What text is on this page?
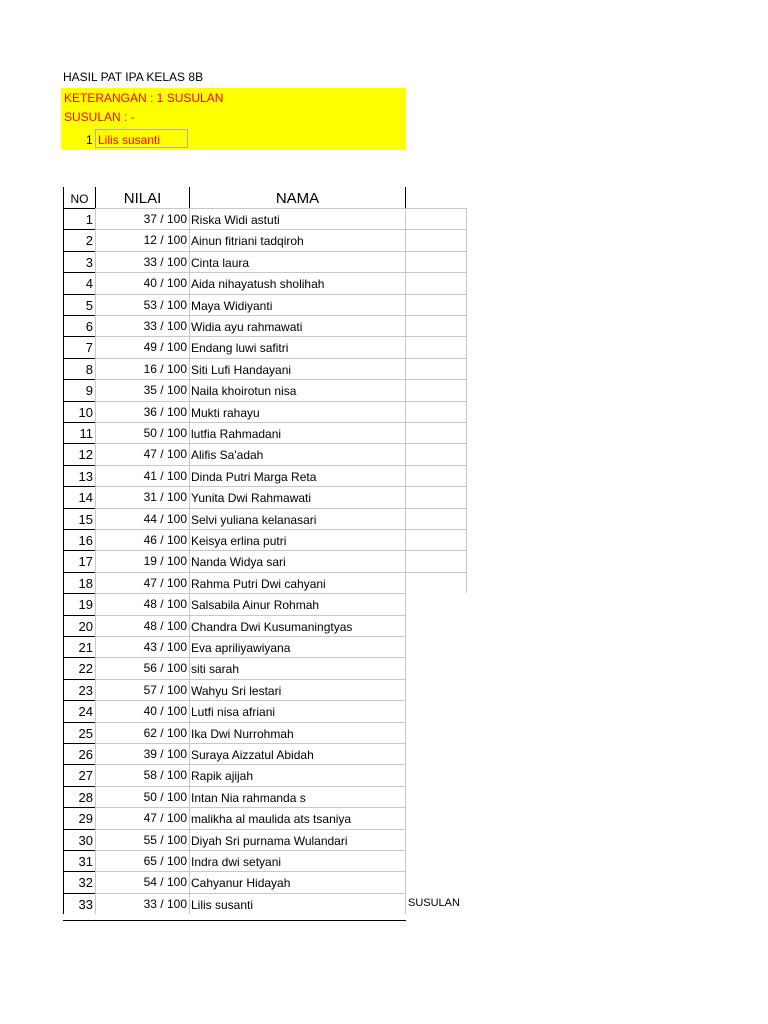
HASIL PAT IPA KELAS 8B
KETERANGAN : 1 SUSULAN
SUSULAN : -
1 Lilis susanti
NO	NILAI	NAMA
1	37 / 100 Riska Widi astuti
2	12 / 100 Ainun fitriani tadqiroh
3	33 / 100 Cinta laura
4	40 / 100 Aida nihayatush sholihah
5	53 / 100 Maya Widiyanti
6	33 / 100 Widia ayu rahmawati
7	49 / 100 Endang luwi safitri
8	16 / 100 Siti Lufi Handayani
9	35 / 100 Naila khoirotun nisa
10	36 / 100 Mukti rahayu
11	50 / 100 lutfia Rahmadani
12	47 / 100 Alifis Sa'adah
13	41 / 100 Dinda Putri Marga Reta
14	31 / 100 Yunita Dwi Rahmawati
15	44 / 100 Selvi yuliana kelanasari
16	46 / 100 Keisya erlina putri
17	19 / 100 Nanda Widya sari
18	47 / 100 Rahma Putri Dwi cahyani
19	48 / 100 Salsabila Ainur Rohmah
20	48 / 100 Chandra Dwi Kusumaningtyas
21	43 / 100 Eva apriliyawiyana
22	56 / 100 siti sarah
23	57 / 100 Wahyu Sri lestari
24	40 / 100 Lutfi nisa afriani
25	62 / 100 Ika Dwi Nurrohmah
26	39 / 100 Suraya Aizzatul Abidah
27	58 / 100 Rapik ajijah
28	50 / 100 Intan Nia rahmanda s
29	47 / 100 malikha al maulida ats tsaniya
30	55 / 100 Diyah Sri purnama Wulandari
31	65 / 100 Indra dwi setyani
32	54 / 100 Cahyanur Hidayah
33	33 / 100 Lilis susanti	SUSULAN
